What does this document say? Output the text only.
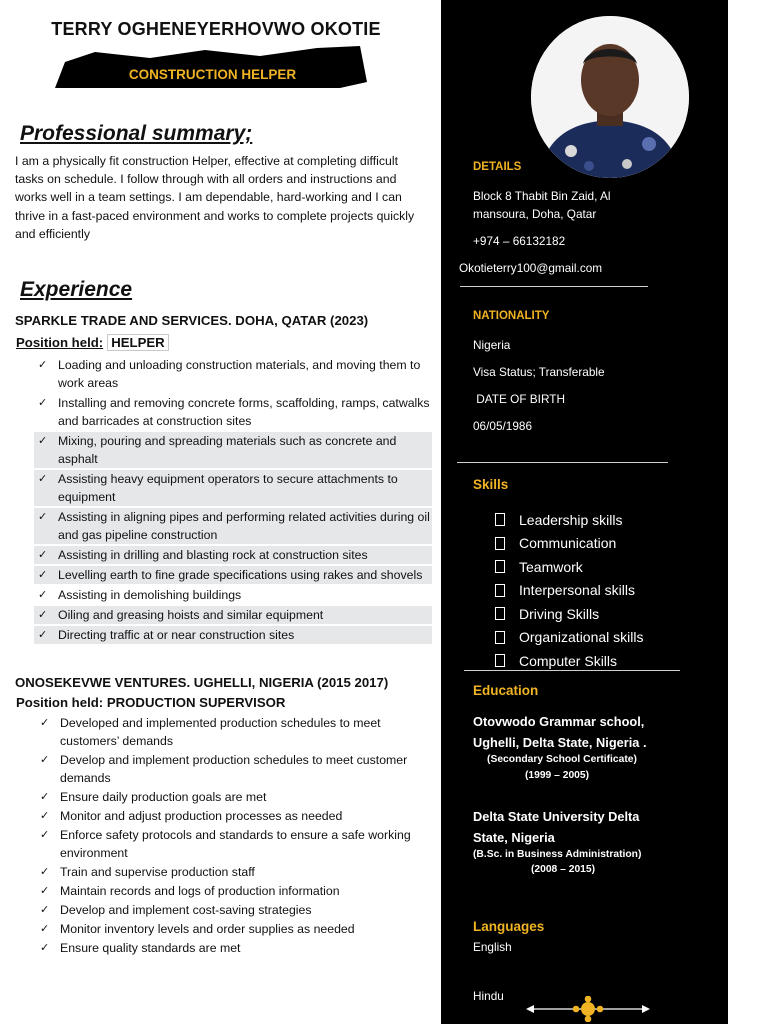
TERRY OGHENEYERHOVWO OKOTIE
CONSTRUCTION HELPER
Professional summary;
I am a physically fit construction Helper, effective at completing difficult tasks on schedule. I follow through with all orders and instructions and works well in a team settings. I am dependable, hard-working and I can thrive in a fast-paced environment and works to complete projects quickly and efficiently
Experience
SPARKLE TRADE AND SERVICES. DOHA, QATAR (2023)
Position held: HELPER
✓ Loading and unloading construction materials, and moving them to work areas
✓ Installing and removing concrete forms, scaffolding, ramps, catwalks and barricades at construction sites
✓ Mixing, pouring and spreading materials such as concrete and asphalt
✓ Assisting heavy equipment operators to secure attachments to equipment
✓ Assisting in aligning pipes and performing related activities during oil and gas pipeline construction
✓ Assisting in drilling and blasting rock at construction sites
✓ Levelling earth to fine grade specifications using rakes and shovels
✓ Assisting in demolishing buildings
✓ Oiling and greasing hoists and similar equipment
✓ Directing traffic at or near construction sites
ONOSEKEVWE VENTURES. UGHELLI, NIGERIA (2015 2017)
Position held: PRODUCTION SUPERVISOR
✓ Developed and implemented production schedules to meet customers’ demands
✓ Develop and implement production schedules to meet customer demands
✓ Ensure daily production goals are met
✓ Monitor and adjust production processes as needed
✓ Enforce safety protocols and standards to ensure a safe working environment
✓ Train and supervise production staff
✓ Maintain records and logs of production information
✓ Develop and implement cost-saving strategies
✓ Monitor inventory levels and order supplies as needed
✓ Ensure quality standards are met
DETAILS
Block 8 Thabit Bin Zaid, Al mansoura, Doha, Qatar
+974 – 66132182
Okotieterry100@gmail.com
NATIONALITY
Nigeria
Visa Status; Transferable
DATE OF BIRTH
06/05/1986
Skills
Leadership skills
Communication
Teamwork
Interpersonal skills
Driving Skills
Organizational skills
Computer Skills
Education
Otovwodo Grammar school, Ughelli, Delta State, Nigeria .
(Secondary School Certificate)
(1999 – 2005)
Delta State University Delta State, Nigeria
(B.Sc. in Business Administration)
(2008 – 2015)
Languages
English
Hindu
